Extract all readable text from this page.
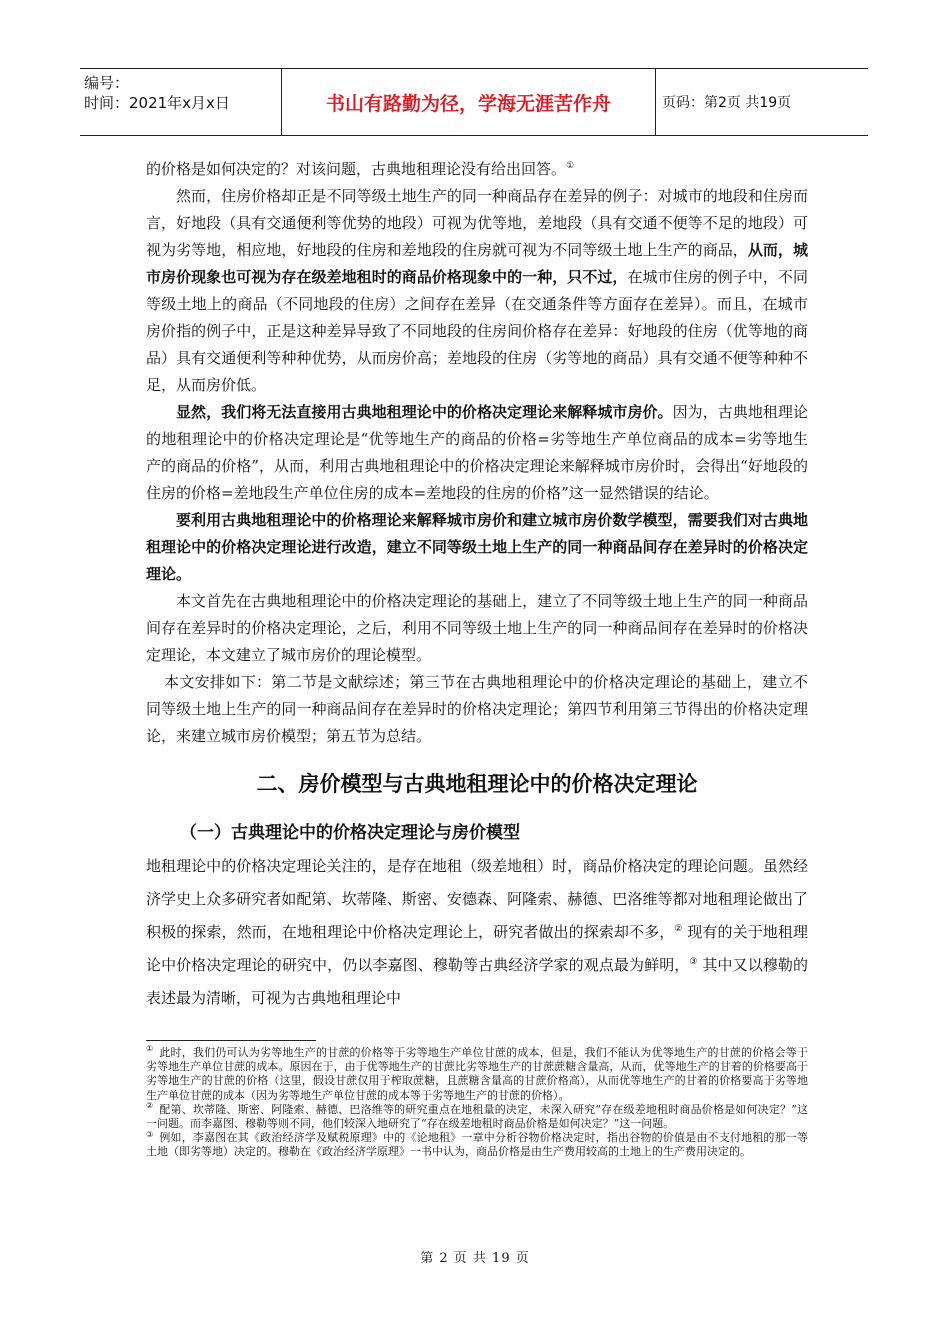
编号：
时间：2021年x月x日	书山有路勤为径，学海无涯苦作舟	页码：第2页 共19页

的价格是如何决定的？对该问题，古典地租理论没有给出回答。①

然而，住房价格却正是不同等级土地生产的同一种商品存在差异的例子：对城市的地段和住房而言，好地段（具有交通便利等优势的地段）可视为优等地，差地段（具有交通不便等不足的地段）可视为劣等地，相应地，好地段的住房和差地段的住房就可视为不同等级土地上生产的商品，从而，城市房价现象也可视为存在级差地租时的商品价格现象中的一种，只不过，在城市住房的例子中，不同等级土地上的商品（不同地段的住房）之间存在差异（在交通条件等方面存在差异）。而且，在城市房价指的例子中，正是这种差异导致了不同地段的住房间价格存在差异：好地段的住房（优等地的商品）具有交通便利等种种优势，从而房价高；差地段的住房（劣等地的商品）具有交通不便等种种不足，从而房价低。

显然，我们将无法直接用古典地租理论中的价格决定理论来解释城市房价。因为，古典地租理论的地租理论中的价格决定理论是“优等地生产的商品的价格=劣等地生产单位商品的成本=劣等地生产的商品的价格”，从而，利用古典地租理论中的价格决定理论来解释城市房价时，会得出“好地段的住房的价格=差地段生产单位住房的成本=差地段的住房的价格”这一显然错误的结论。

要利用古典地租理论中的价格理论来解释城市房价和建立城市房价数学模型，需要我们对古典地租理论中的价格决定理论进行改造，建立不同等级土地上生产的同一种商品间存在差异时的价格决定理论。

本文首先在古典地租理论中的价格决定理论的基础上，建立了不同等级土地上生产的同一种商品间存在差异时的价格决定理论，之后，利用不同等级土地上生产的同一种商品间存在差异时的价格决定理论，本文建立了城市房价的理论模型。

本文安排如下：第二节是文献综述；第三节在古典地租理论中的价格决定理论的基础上，建立不同等级土地上生产的同一种商品间存在差异时的价格决定理论；第四节利用第三节得出的价格决定理论，来建立城市房价模型；第五节为总结。

二、房价模型与古典地租理论中的价格决定理论
（一）古典理论中的价格决定理论与房价模型

地租理论中的价格决定理论关注的，是存在地租（级差地租）时，商品价格决定的理论问题。虽然经济学史上众多研究者如配第、坎蒂隆、斯密、安德森、阿隆索、赫德、巴洛维等都对地租理论做出了积极的探索，然而，在地租理论中价格决定理论上，研究者做出的探索却不多，② 现有的关于地租理论中价格决定理论的研究中，仍以李嘉图、穆勒等古典经济学家的观点最为鲜明，③ 其中又以穆勒的表述最为清晰，可视为古典地租理论中

① 此时，我们仍可认为劣等地生产的甘蔗的价格等于劣等地生产单位甘蔗的成本，但是，我们不能认为优等地生产的甘蔗的价格会等于劣等地生产单位甘蔗的成本。原因在于，由于优等地生产的甘蔗比劣等地生产的甘蔗蔗糖含量高，从而，优等地生产的甘着的价格要高于劣等地生产的甘蔗的价格（这里，假设甘蔗仅用于榨取蔗糖，且蔗糖含量高的甘蔗价格高），从而优等地生产的甘着的价格要高于劣等地生产单位甘蔗的成本（因为劣等地生产单位甘蔗的成本等于劣等地生产的甘蔗的价格）。

② 配第、坎蒂隆、斯密、阿隆索、赫德、巴洛维等的研究重点在地租量的决定，未深入研究“存在级差地租时商品价格是如何决定？”这一问题。而李嘉图、穆勒等则不同，他们较深入地研究了“存在级差地租时商品价格是如何决定？”这一问题。

③ 例如，李嘉图在其《政治经济学及赋税原理》中的《论地租》一章中分析谷物价格决定时，指出谷物的价值是由不支付地租的那一等土地（即劣等地）决定的。穆勒在《政治经济学原理》一书中认为，商品价格是由生产费用较高的土地上的生产费用决定的。

第 2 页 共 19 页
